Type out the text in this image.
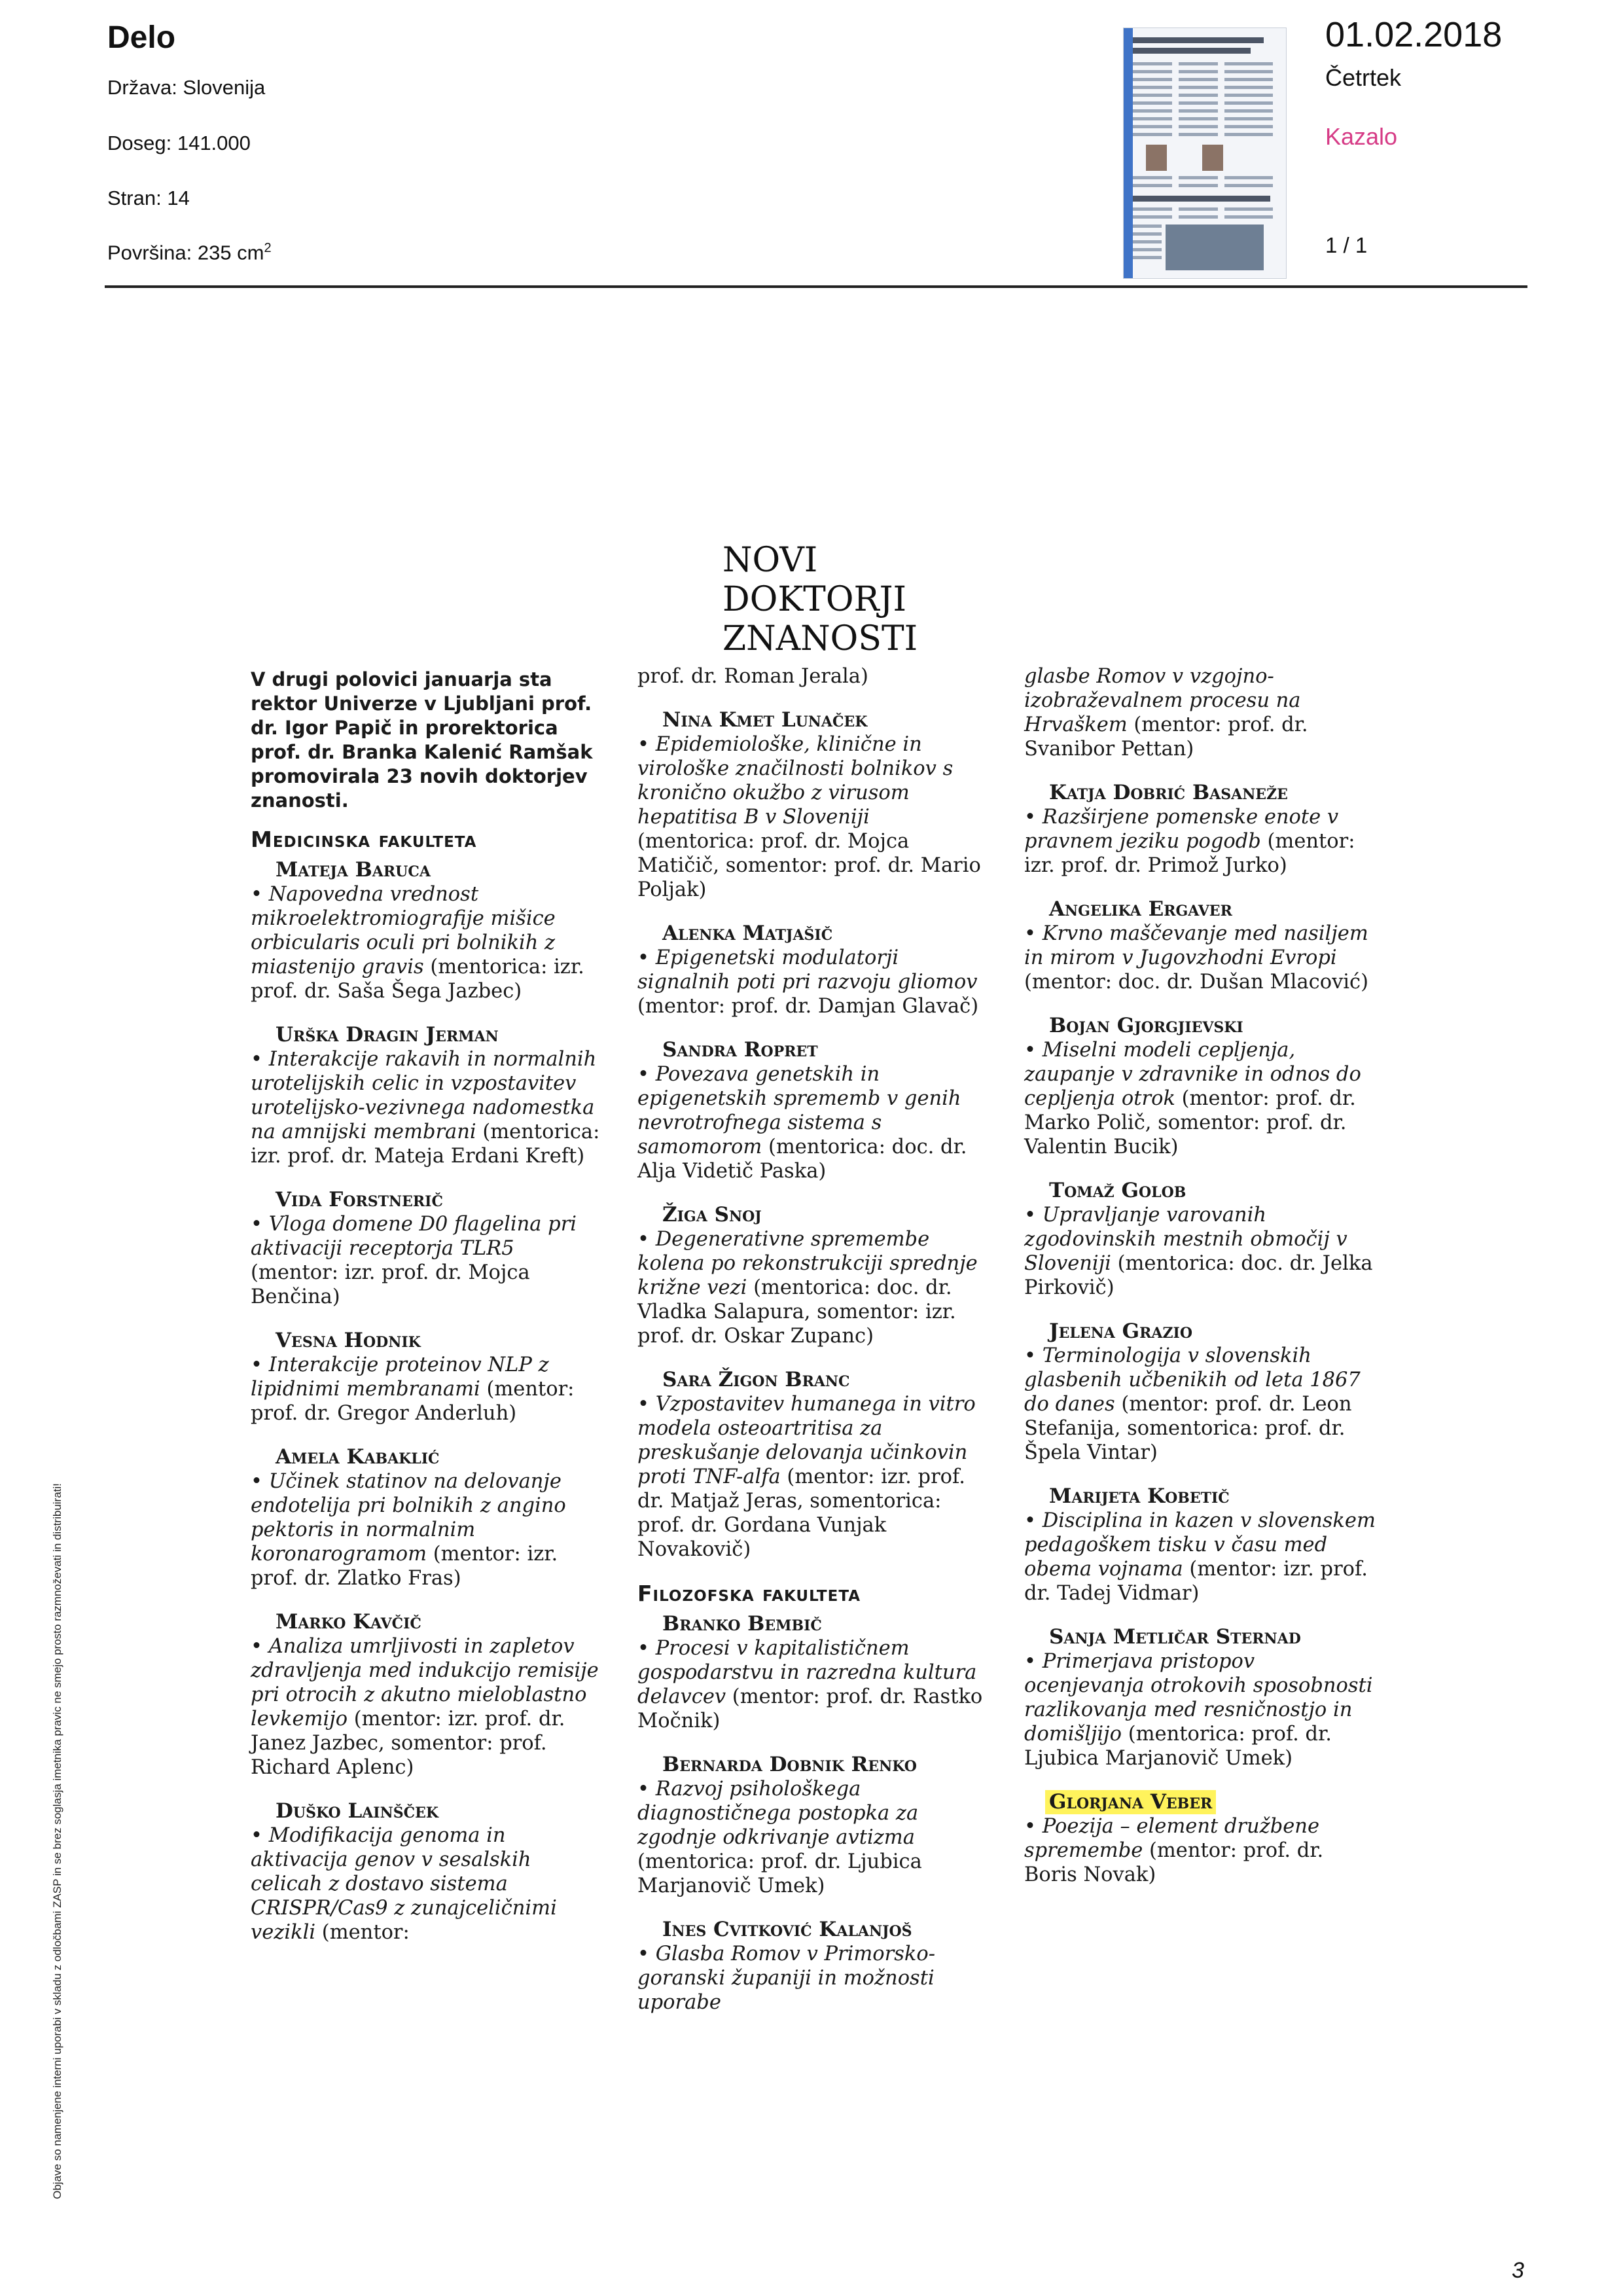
Delo
Država: Slovenija
Doseg: 141.000
Stran: 14
Površina: 235 $cm^2$
01.02.2018
Četrtek
Kazalo
1 / 1
Objave so namenjene interni uporabi v skladu z odločbami ZASP in se brez soglasja imetnika pravic ne smejo prosto razmnoževati in distribuirati!
3
NOVI
DOKTORJI
ZNANOSTI

V drugi polovici januarja sta rektor Univerze v Ljubljani prof. dr. Igor Papič in prorektorica prof. dr. Branka Kalenić Ramšak promovirala 23 novih doktorjev znanosti.

Medicinska fakulteta
Mateja Baruca
• Napovedna vrednost mikroelektromiografije mišice orbicularis oculi pri bolnikih z miastenijo gravis (mentorica: izr. prof. dr. Saša Šega Jazbec)
Urška Dragin Jerman
• Interakcije rakavih in normalnih urotelijskih celic in vzpostavitev urotelijsko-vezivnega nadomestka na amnijski membrani (mentorica: izr. prof. dr. Mateja Erdani Kreft)
Vida Forstnerič
• Vloga domene D0 flagelina pri aktivaciji receptorja TLR5 (mentor: izr. prof. dr. Mojca Benčina)
Vesna Hodnik
• Interakcije proteinov NLP z lipidnimi membranami (mentor: prof. dr. Gregor Anderluh)
Amela Kabaklić
• Učinek statinov na delovanje endotelija pri bolnikih z angino pektoris in normalnim koronarogramom (mentor: izr. prof. dr. Zlatko Fras)
Marko Kavčič
• Analiza umrljivosti in zapletov zdravljenja med indukcijo remisije pri otrocih z akutno mieloblastno levkemijo (mentor: izr. prof. dr. Janez Jazbec, somentor: prof. Richard Aplenc)
Duško Lainšček
• Modifikacija genoma in aktivacija genov v sesalskih celicah z dostavo sistema CRISPR/Cas9 z zunajceličnimi vezikli (mentor:
prof. dr. Roman Jerala)
Nina Kmet Lunaček
• Epidemiološke, klinične in virološke značilnosti bolnikov s kronično okužbo z virusom hepatitisa B v Sloveniji (mentorica: prof. dr. Mojca Matičič, somentor: prof. dr. Mario Poljak)
Alenka Matjašič
• Epigenetski modulatorji signalnih poti pri razvoju gliomov (mentor: prof. dr. Damjan Glavač)
Sandra Ropret
• Povezava genetskih in epigenetskih sprememb v genih nevrotrofnega sistema s samomorom (mentorica: doc. dr. Alja Videtič Paska)
Žiga Snoj
• Degenerativne spremembe kolena po rekonstrukciji sprednje križne vezi (mentorica: doc. dr. Vladka Salapura, somentor: izr. prof. dr. Oskar Zupanc)
Sara Žigon Branc
• Vzpostavitev humanega in vitro modela osteoartritisa za preskušanje delovanja učinkovin proti TNF-alfa (mentor: izr. prof. dr. Matjaž Jeras, somentorica: prof. dr. Gordana Vunjak Novakovič)
Filozofska fakulteta
Branko Bembič
• Procesi v kapitalističnem gospodarstvu in razredna kultura delavcev (mentor: prof. dr. Rastko Močnik)
Bernarda Dobnik Renko
• Razvoj psihološkega diagnostičnega postopka za zgodnje odkrivanje avtizma (mentorica: prof. dr. Ljubica Marjanovič Umek)
Ines Cvitković Kalanjoš
• Glasba Romov v Primorsko-goranski županiji in možnosti uporabe
glasbe Romov v vzgojno-izobraževalnem procesu na Hrvaškem (mentor: prof. dr. Svanibor Pettan)
Katja Dobrić Basaneže
• Razširjene pomenske enote v pravnem jeziku pogodb (mentor: izr. prof. dr. Primož Jurko)
Angelika Ergaver
• Krvno maščevanje med nasiljem in mirom v Jugovzhodni Evropi (mentor: doc. dr. Dušan Mlacović)
Bojan Gjorgjievski
• Miselni modeli cepljenja, zaupanje v zdravnike in odnos do cepljenja otrok (mentor: prof. dr. Marko Polič, somentor: prof. dr. Valentin Bucik)
Tomaž Golob
• Upravljanje varovanih zgodovinskih mestnih območij v Sloveniji (mentorica: doc. dr. Jelka Pirkovič)
Jelena Grazio
• Terminologija v slovenskih glasbenih učbenikih od leta 1867 do danes (mentor: prof. dr. Leon Stefanija, somentorica: prof. dr. Špela Vintar)
Marijeta Kobetič
• Disciplina in kazen v slovenskem pedagoškem tisku v času med obema vojnama (mentor: izr. prof. dr. Tadej Vidmar)
Sanja Metličar Sternad
• Primerjava pristopov ocenjevanja otrokovih sposobnosti razlikovanja med resničnostjo in domišljijo (mentorica: prof. dr. Ljubica Marjanovič Umek)
Glorjana Veber
• Poezija – element družbene spremembe (mentor: prof. dr. Boris Novak)
